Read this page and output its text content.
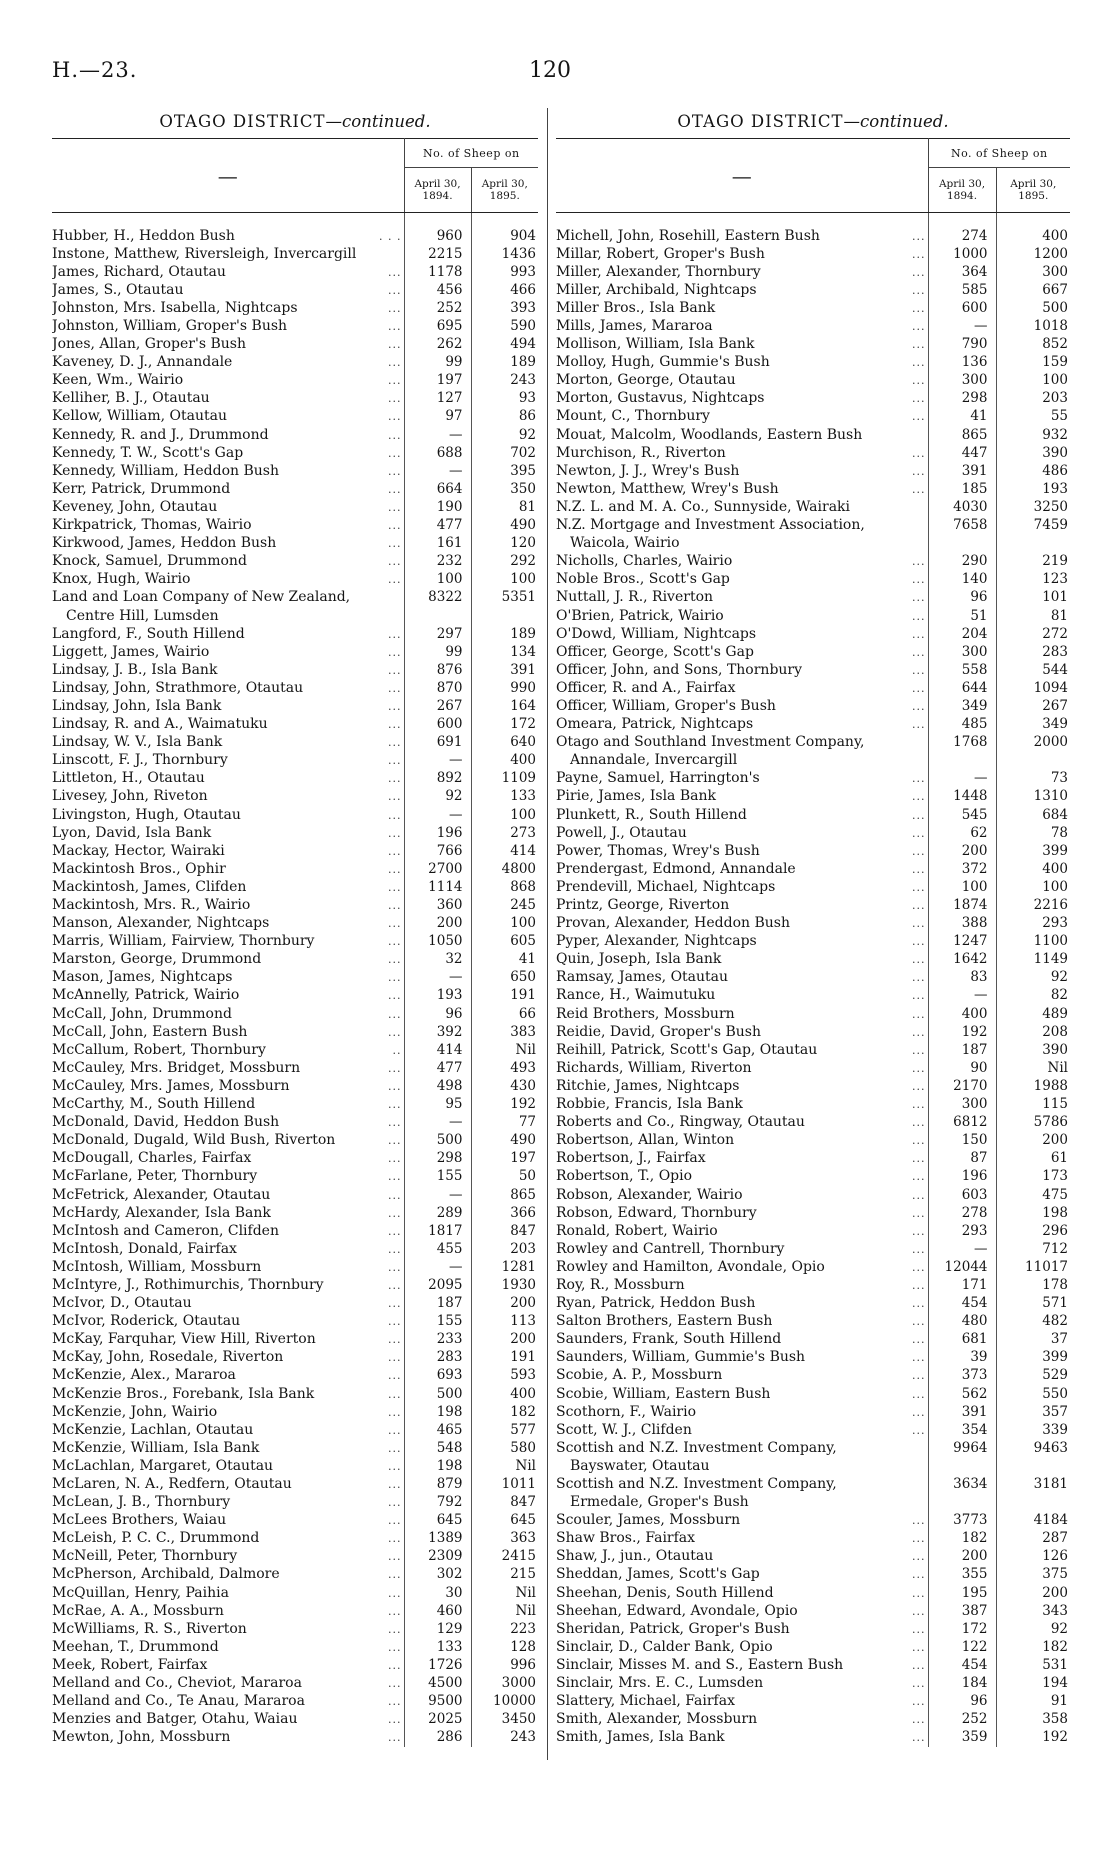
H.—23.	120
OTAGO DISTRICT—continued.
—	No. of Sheep on	
	April 30, 1894.	April 30, 1895.

. . .
Hubber, H., Heddon Bush	960	904
Instone, Matthew, Riversleigh, Invercargill	2215	1436

...
James, Richard, Otautau	1178	993

...
James, S., Otautau	456	466

...
Johnston, Mrs. Isabella, Nightcaps	252	393

...
Johnston, William, Groper's Bush	695	590

...
Jones, Allan, Groper's Bush	262	494

...
Kaveney, D. J., Annandale	99	189

...
Keen, Wm., Wairio	197	243

...
Kelliher, B. J., Otautau	127	93

...
Kellow, William, Otautau	97	86

...
Kennedy, R. and J., Drummond	—	92

...
Kennedy, T. W., Scott's Gap	688	702

...
Kennedy, William, Heddon Bush	—	395

...
Kerr, Patrick, Drummond	664	350

...
Keveney, John, Otautau	190	81

...
Kirkpatrick, Thomas, Wairio	477	490

...
Kirkwood, James, Heddon Bush	161	120

...
Knock, Samuel, Drummond	232	292

...
Knox, Hugh, Wairio	100	100
Land and Loan Company of New Zealand,	8322	5351
Centre Hill, Lumsden		

...
Langford, F., South Hillend	297	189

...
Liggett, James, Wairio	99	134

...
Lindsay, J. B., Isla Bank	876	391

...
Lindsay, John, Strathmore, Otautau	870	990

...
Lindsay, John, Isla Bank	267	164

...
Lindsay, R. and A., Waimatuku	600	172

...
Lindsay, W. V., Isla Bank	691	640

...
Linscott, F. J., Thornbury	—	400

...
Littleton, H., Otautau	892	1109

...
Livesey, John, Riveton	92	133

...
Livingston, Hugh, Otautau	—	100

...
Lyon, David, Isla Bank	196	273

...
Mackay, Hector, Wairaki	766	414

...
Mackintosh Bros., Ophir	2700	4800

...
Mackintosh, James, Clifden	1114	868

...
Mackintosh, Mrs. R., Wairio	360	245

...
Manson, Alexander, Nightcaps	200	100

...
Marris, William, Fairview, Thornbury	1050	605

...
Marston, George, Drummond	32	41

...
Mason, James, Nightcaps	—	650

...
McAnnelly, Patrick, Wairio	193	191

...
McCall, John, Drummond	96	66

...
McCall, John, Eastern Bush	392	383

..
McCallum, Robert, Thornbury	414	Nil

...
McCauley, Mrs. Bridget, Mossburn	477	493

...
McCauley, Mrs. James, Mossburn	498	430

...
McCarthy, M., South Hillend	95	192

...
McDonald, David, Heddon Bush	—	77

...
McDonald, Dugald, Wild Bush, Riverton	500	490

...
McDougall, Charles, Fairfax	298	197

...
McFarlane, Peter, Thornbury	155	50

...
McFetrick, Alexander, Otautau	—	865

...
McHardy, Alexander, Isla Bank	289	366

...
McIntosh and Cameron, Clifden	1817	847

...
McIntosh, Donald, Fairfax	455	203

...
McIntosh, William, Mossburn	—	1281

...
McIntyre, J., Rothimurchis, Thornbury	2095	1930

...
McIvor, D., Otautau	187	200

...
McIvor, Roderick, Otautau	155	113

...
McKay, Farquhar, View Hill, Riverton	233	200

...
McKay, John, Rosedale, Riverton	283	191

...
McKenzie, Alex., Mararoa	693	593

...
McKenzie Bros., Forebank, Isla Bank	500	400

...
McKenzie, John, Wairio	198	182

...
McKenzie, Lachlan, Otautau	465	577

...
McKenzie, William, Isla Bank	548	580

...
McLachlan, Margaret, Otautau	198	Nil

...
McLaren, N. A., Redfern, Otautau	879	1011

...
McLean, J. B., Thornbury	792	847

...
McLees Brothers, Waiau	645	645

...
McLeish, P. C. C., Drummond	1389	363

...
McNeill, Peter, Thornbury	2309	2415

...
McPherson, Archibald, Dalmore	302	215

...
McQuillan, Henry, Paihia	30	Nil

...
McRae, A. A., Mossburn	460	Nil

...
McWilliams, R. S., Riverton	129	223

...
Meehan, T., Drummond	133	128

...
Meek, Robert, Fairfax	1726	996

...
Melland and Co., Cheviot, Mararoa	4500	3000

...
Melland and Co., Te Anau, Mararoa	9500	10000

...
Menzies and Batger, Otahu, Waiau	2025	3450

...
Mewton, John, Mossburn	286	243
OTAGO DISTRICT—continued.
—	No. of Sheep on	
	April 30, 1894.	April 30, 1895.

...
Michell, John, Rosehill, Eastern Bush	274	400

...
Millar, Robert, Groper's Bush	1000	1200

...
Miller, Alexander, Thornbury	364	300

...
Miller, Archibald, Nightcaps	585	667

...
Miller Bros., Isla Bank	600	500

...
Mills, James, Mararoa	—	1018

...
Mollison, William, Isla Bank	790	852

...
Molloy, Hugh, Gummie's Bush	136	159

...
Morton, George, Otautau	300	100

...
Morton, Gustavus, Nightcaps	298	203

...
Mount, C., Thornbury	41	55
Mouat, Malcolm, Woodlands, Eastern Bush	865	932

...
Murchison, R., Riverton	447	390

...
Newton, J. J., Wrey's Bush	391	486

...
Newton, Matthew, Wrey's Bush	185	193
N.Z. L. and M. A. Co., Sunnyside, Wairaki	4030	3250
N.Z. Mortgage and Investment Association,	7658	7459
Waicola, Wairio		

...
Nicholls, Charles, Wairio	290	219

...
Noble Bros., Scott's Gap	140	123

...
Nuttall, J. R., Riverton	96	101

...
O'Brien, Patrick, Wairio	51	81

...
O'Dowd, William, Nightcaps	204	272

...
Officer, George, Scott's Gap	300	283

...
Officer, John, and Sons, Thornbury	558	544

...
Officer, R. and A., Fairfax	644	1094

...
Officer, William, Groper's Bush	349	267

...
Omeara, Patrick, Nightcaps	485	349
Otago and Southland Investment Company,	1768	2000
Annandale, Invercargill		

...
Payne, Samuel, Harrington's	—	73

...
Pirie, James, Isla Bank	1448	1310

...
Plunkett, R., South Hillend	545	684

...
Powell, J., Otautau	62	78

...
Power, Thomas, Wrey's Bush	200	399

...
Prendergast, Edmond, Annandale	372	400

...
Prendevill, Michael, Nightcaps	100	100

...
Printz, George, Riverton	1874	2216

...
Provan, Alexander, Heddon Bush	388	293

...
Pyper, Alexander, Nightcaps	1247	1100

...
Quin, Joseph, Isla Bank	1642	1149

...
Ramsay, James, Otautau	83	92

...
Rance, H., Waimutuku	—	82

...
Reid Brothers, Mossburn	400	489

...
Reidie, David, Groper's Bush	192	208

...
Reihill, Patrick, Scott's Gap, Otautau	187	390

...
Richards, William, Riverton	90	Nil

...
Ritchie, James, Nightcaps	2170	1988

...
Robbie, Francis, Isla Bank	300	115

...
Roberts and Co., Ringway, Otautau	6812	5786

...
Robertson, Allan, Winton	150	200

...
Robertson, J., Fairfax	87	61

...
Robertson, T., Opio	196	173

...
Robson, Alexander, Wairio	603	475

...
Robson, Edward, Thornbury	278	198

...
Ronald, Robert, Wairio	293	296

...
Rowley and Cantrell, Thornbury	—	712

...
Rowley and Hamilton, Avondale, Opio	12044	11017

...
Roy, R., Mossburn	171	178

...
Ryan, Patrick, Heddon Bush	454	571

...
Salton Brothers, Eastern Bush	480	482

...
Saunders, Frank, South Hillend	681	37

...
Saunders, William, Gummie's Bush	39	399

...
Scobie, A. P., Mossburn	373	529

...
Scobie, William, Eastern Bush	562	550

...
Scothorn, F., Wairio	391	357

...
Scott, W. J., Clifden	354	339
Scottish and N.Z. Investment Company,	9964	9463
Bayswater, Otautau		
Scottish and N.Z. Investment Company,	3634	3181
Ermedale, Groper's Bush		

...
Scouler, James, Mossburn	3773	4184

...
Shaw Bros., Fairfax	182	287

...
Shaw, J., jun., Otautau	200	126

...
Sheddan, James, Scott's Gap	355	375

...
Sheehan, Denis, South Hillend	195	200

...
Sheehan, Edward, Avondale, Opio	387	343

...
Sheridan, Patrick, Groper's Bush	172	92

...
Sinclair, D., Calder Bank, Opio	122	182

...
Sinclair, Misses M. and S., Eastern Bush	454	531

...
Sinclair, Mrs. E. C., Lumsden	184	194

...
Slattery, Michael, Fairfax	96	91

...
Smith, Alexander, Mossburn	252	358

...
Smith, James, Isla Bank	359	192
